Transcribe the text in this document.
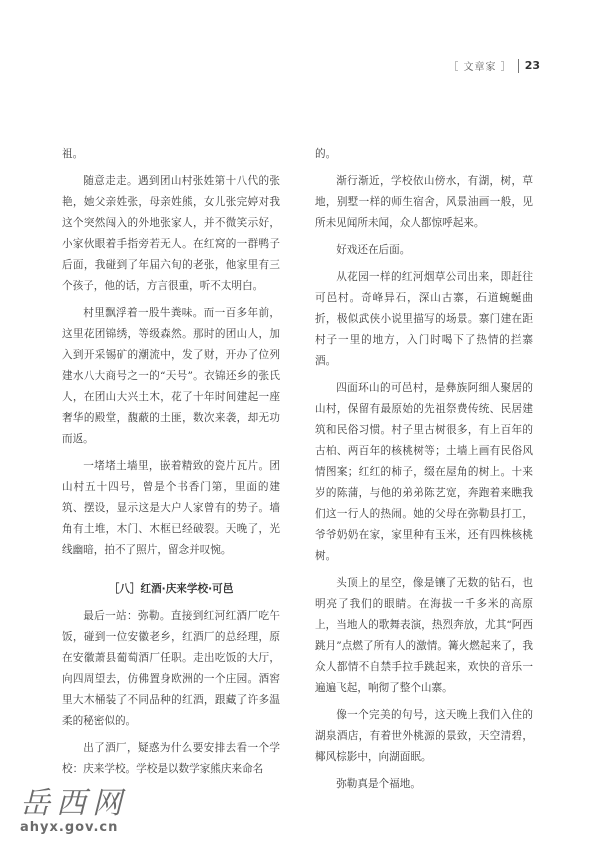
［ 文章家 ］ 23

祖。

随意走走。遇到团山村张姓第十八代的张艳，她父亲姓张，母亲姓熊，女儿张完婷对我这个突然闯入的外地张家人，并不微笑示好，小家伙眼着手指旁若无人。在红窝的一群鸭子后面，我碰到了年届六旬的老张，他家里有三个孩子，他的话，方言很重，听不太明白。

村里飘浮着一股牛粪味。而一百多年前，这里花团锦绣，等级森然。那时的团山人，加入到开采锡矿的潮流中，发了财，开办了位列建水八大商号之一的“天号”。衣锦还乡的张氏人，在团山大兴土木，花了十年时间建起一座奢华的殿堂，馥蔽的土匪，数次来袭，却无功而返。

一堵堵土墙里，嵌着精致的瓷片瓦片。团山村五十四号，曾是个书香门第，里面的建筑、摆设，显示这是大户人家曾有的势子。墙角有土堆，木门、木框已经破裂。天晚了，光线幽暗，拍不了照片，留念并叹惋。

［八］红酒·庆来学校·可邑

最后一站：弥勒。直接到红河红酒厂吃午饭，碰到一位安徽老乡，红酒厂的总经理，原在安徽萧县葡萄酒厂任职。走出吃饭的大厅，向四周望去，仿佛置身欧洲的一个庄园。酒窖里大木桶装了不同品种的红酒，跟藏了许多温柔的秘密似的。

出了酒厂，疑惑为什么要安排去看一个学校：庆来学校。学校是以数学家熊庆来命名

的。

渐行渐近，学校依山傍水，有湖，树，草地，别墅一样的师生宿舍，风景油画一般，见所未见闻所未闻，众人都惊呼起来。

好戏还在后面。

从花园一样的红河烟草公司出来，即赶往可邑村。奇峰异石，深山古寨，石道蜿蜒曲折，极似武侠小说里描写的场景。寨门建在距村子一里的地方，入门时喝下了热情的拦寨酒。

四面环山的可邑村，是彝族阿细人聚居的山村，保留有最原始的先祖祭费传统、民居建筑和民俗习惯。村子里古树很多，有上百年的古柏、两百年的核桃树等；土墙上画有民俗风情图案；红红的柿子，缀在屋角的树上。十来岁的陈蒲，与他的弟弟陈艺宽，奔跑着来瞧我们这一行人的热闹。她的父母在弥勒县打工，爷爷奶奶在家，家里种有玉米，还有四株核桃树。

头顶上的星空，像是镶了无数的钻石，也明亮了我们的眼睛。在海拔一千多米的高原上，当地人的歌舞表演，热烈奔放，尤其“阿西跳月”点燃了所有人的激情。篝火燃起来了，我众人都情不自禁手拉手跳起来，欢快的音乐一遍遍飞起，响彻了整个山寨。

像一个完美的句号，这天晚上我们入住的湖泉酒店，有着世外桃源的景致，天空清碧，椰风棕影中，向湖面眠。

弥勒真是个福地。

岳西网
ahyx.gov.cn
